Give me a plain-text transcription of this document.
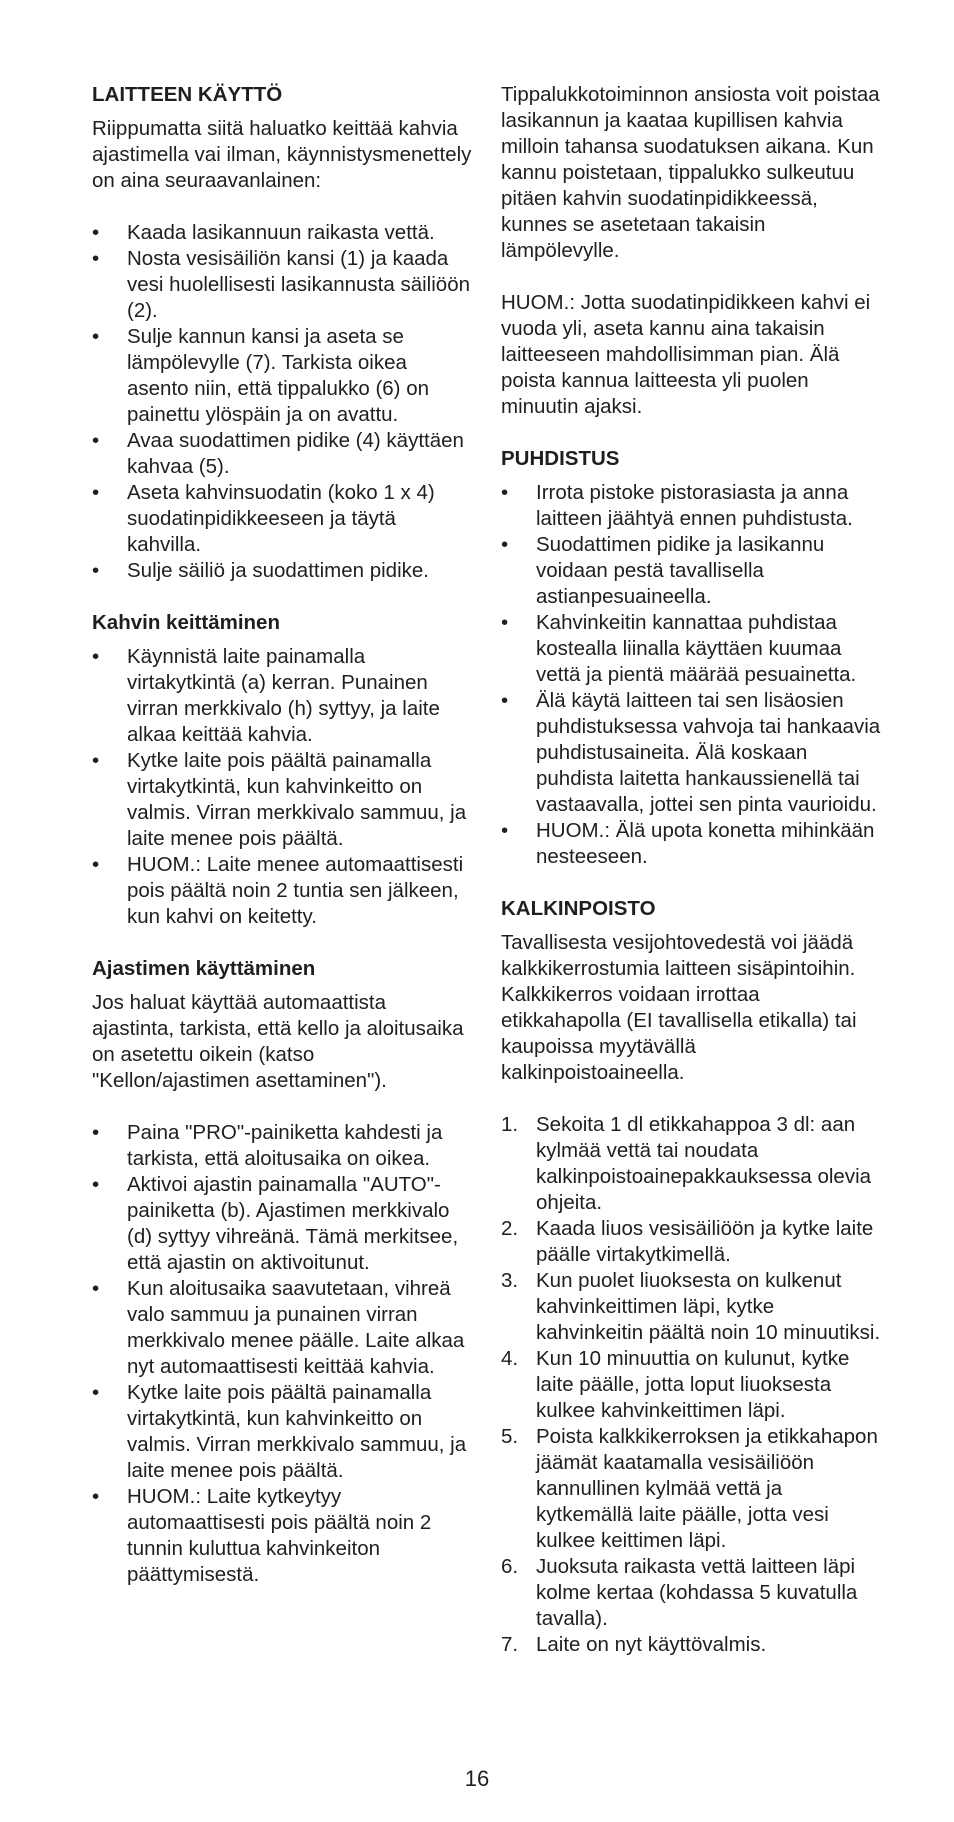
LAITTEEN KÄYTTÖ

Riippumatta siitä haluatko keittää kahvia ajastimella vai ilman, käynnistysmenettely on aina seuraavanlainen:

• Kaada lasikannuun raikasta vettä.
• Nosta vesisäiliön kansi (1) ja kaada vesi huolellisesti lasikannusta säiliöön (2).
• Sulje kannun kansi ja aseta se lämpölevylle (7). Tarkista oikea asento niin, että tippalukko (6) on painettu ylöspäin ja on avattu.
• Avaa suodattimen pidike (4) käyttäen kahvaa (5).
• Aseta kahvinsuodatin (koko 1 x 4) suodatinpidikkeeseen ja täytä kahvilla.
• Sulje säiliö ja suodattimen pidike.
Kahvin keittäminen
• Käynnistä laite painamalla virtakytkintä (a) kerran. Punainen virran merkkivalo (h) syttyy, ja laite alkaa keittää kahvia.
• Kytke laite pois päältä painamalla virtakytkintä, kun kahvinkeitto on valmis. Virran merkkivalo sammuu, ja laite menee pois päältä.
• HUOM.: Laite menee automaattisesti pois päältä noin 2 tuntia sen jälkeen, kun kahvi on keitetty.
Ajastimen käyttäminen

Jos haluat käyttää automaattista ajastinta, tarkista, että kello ja aloitusaika on asetettu oikein (katso "Kellon/ajastimen asettaminen").

• Paina "PRO"-painiketta kahdesti ja tarkista, että aloitusaika on oikea.
• Aktivoi ajastin painamalla "AUTO"-painiketta (b). Ajastimen merkkivalo (d) syttyy vihreänä. Tämä merkitsee, että ajastin on aktivoitunut.
• Kun aloitusaika saavutetaan, vihreä valo sammuu ja punainen virran merkkivalo menee päälle. Laite alkaa nyt automaattisesti keittää kahvia.
• Kytke laite pois päältä painamalla virtakytkintä, kun kahvinkeitto on valmis. Virran merkkivalo sammuu, ja laite menee pois päältä.
• HUOM.: Laite kytkeytyy automaattisesti pois päältä noin 2 tunnin kuluttua kahvinkeiton päättymisestä.

Tippalukkotoiminnon ansiosta voit poistaa lasikannun ja kaataa kupillisen kahvia milloin tahansa suodatuksen aikana. Kun kannu poistetaan, tippalukko sulkeutuu pitäen kahvin suodatinpidikkeessä, kunnes se asetetaan takaisin lämpölevylle.

HUOM.: Jotta suodatinpidikkeen kahvi ei vuoda yli, aseta kannu aina takaisin laitteeseen mahdollisimman pian. Älä poista kannua laitteesta yli puolen minuutin ajaksi.

PUHDISTUS
• Irrota pistoke pistorasiasta ja anna laitteen jäähtyä ennen puhdistusta.
• Suodattimen pidike ja lasikannu voidaan pestä tavallisella astianpesuaineella.
• Kahvinkeitin kannattaa puhdistaa kostealla liinalla käyttäen kuumaa vettä ja pientä määrää pesuainetta.
• Älä käytä laitteen tai sen lisäosien puhdistuksessa vahvoja tai hankaavia puhdistusaineita. Älä koskaan puhdista laitetta hankaussienellä tai vastaavalla, jottei sen pinta vaurioidu.
• HUOM.: Älä upota konetta mihinkään nesteeseen.
KALKINPOISTO

Tavallisesta vesijohtovedestä voi jäädä kalkkikerrostumia laitteen sisäpintoihin. Kalkkikerros voidaan irrottaa etikkahapolla (EI tavallisella etikalla) tai kaupoissa myytävällä kalkinpoistoaineella.

1. Sekoita 1 dl etikkahappoa 3 dl: aan kylmää vettä tai noudata kalkinpoistoainepakkauksessa olevia ohjeita.
2. Kaada liuos vesisäiliöön ja kytke laite päälle virtakytkimellä.
3. Kun puolet liuoksesta on kulkenut kahvinkeittimen läpi, kytke kahvinkeitin päältä noin 10 minuutiksi.
4. Kun 10 minuuttia on kulunut, kytke laite päälle, jotta loput liuoksesta kulkee kahvinkeittimen läpi.
5. Poista kalkkikerroksen ja etikkahapon jäämät kaatamalla vesisäiliöön kannullinen kylmää vettä ja kytkemällä laite päälle, jotta vesi kulkee keittimen läpi.
6. Juoksuta raikasta vettä laitteen läpi kolme kertaa (kohdassa 5 kuvatulla tavalla).
7. Laite on nyt käyttövalmis.
16
